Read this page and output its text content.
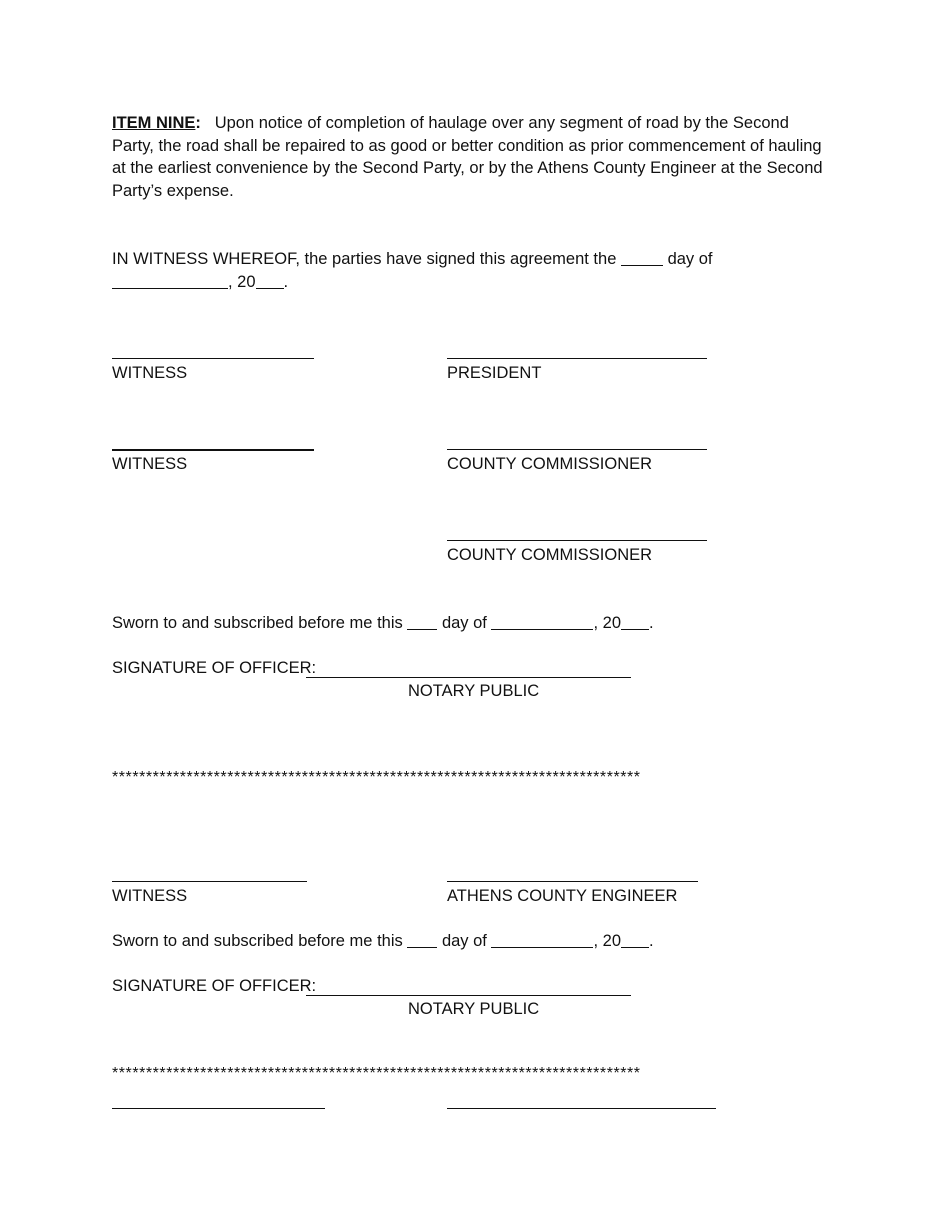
ITEM NINE: Upon notice of completion of haulage over any segment of road by the Second Party, the road shall be repaired to as good or better condition as prior commencement of hauling at the earliest convenience by the Second Party, or by the Athens County Engineer at the Second Party’s expense.
IN WITNESS WHEREOF, the parties have signed this agreement the	day of
, 20 .
WITNESS	PRESIDENT
WITNESS	COUNTY COMMISSIONER
COUNTY COMMISSIONER
Sworn to and subscribed before me this day of	, 20 .
SIGNATURE OF OFFICER:
NOTARY PUBLIC
******************************************************************************
WITNESS	ATHENS COUNTY ENGINEER
Sworn to and subscribed before me this day of	, 20 .
SIGNATURE OF OFFICER:
NOTARY PUBLIC
******************************************************************************
